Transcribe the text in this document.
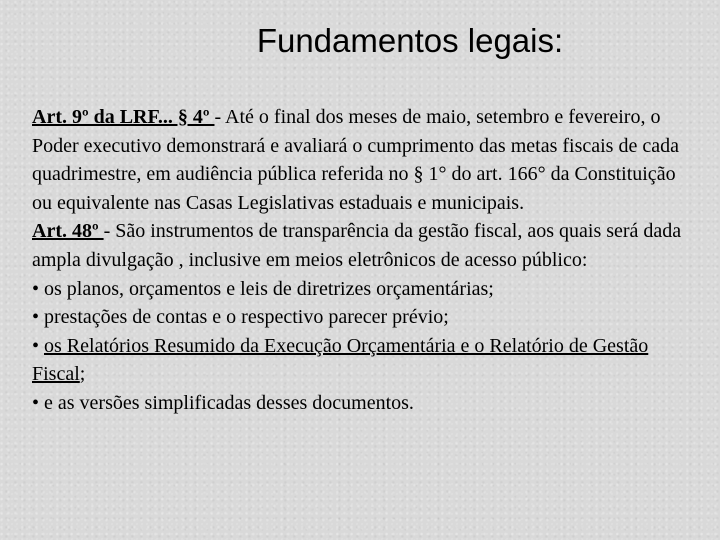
Fundamentos legais:

Art. 9º da LRF... § 4º - Até o final dos meses de maio, setembro e fevereiro, o Poder executivo demonstrará e avaliará o cumprimento das metas fiscais de cada quadrimestre, em audiência pública referida no § 1° do art. 166° da Constituição ou equivalente nas Casas Legislativas estaduais e municipais.

Art. 48º - São instrumentos de transparência da gestão fiscal, aos quais será dada ampla divulgação , inclusive em meios eletrônicos de acesso público:

• os planos, orçamentos e leis de diretrizes orçamentárias;

• prestações de contas e o respectivo parecer prévio;

• os Relatórios Resumido da Execução Orçamentária e o Relatório de Gestão Fiscal;

• e as versões simplificadas desses documentos.
